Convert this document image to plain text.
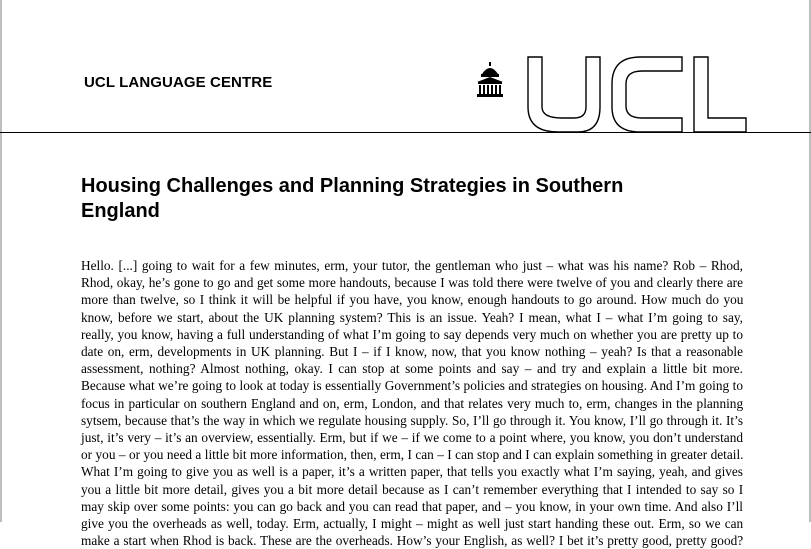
UCL LANGUAGE CENTRE
Housing Challenges and Planning Strategies in Southern
England
Hello. [...] going to wait for a few minutes, erm, your tutor, the gentleman who just – what was his name? Rob – Rhod,
Rhod, okay, he’s gone to go and get some more handouts, because I was told there were twelve of you and clearly there are
more than twelve, so I think it will be helpful if you have, you know, enough handouts to go around. How much do you
know, before we start, about the UK planning system? This is an issue. Yeah? I mean, what I – what I’m going to say,
really, you know, having a full understanding of what I’m going to say depends very much on whether you are pretty up to
date on, erm, developments in UK planning. But I – if I know, now, that you know nothing – yeah? Is that a reasonable
assessment, nothing? Almost nothing, okay. I can stop at some points and say – and try and explain a little bit more.
Because what we’re going to look at today is essentially Government’s policies and strategies on housing. And I’m going to
focus in particular on southern England and on, erm, London, and that relates very much to, erm, changes in the planning
sytsem, because that’s the way in which we regulate housing supply. So, I’ll go through it. You know, I’ll go through it. It’s
just, it’s very – it’s an overview, essentially. Erm, but if we – if we come to a point where, you know, you don’t understand
or you – or you need a little bit more information, then, erm, I can – I can stop and I can explain something in greater detail.
What I’m going to give you as well is a paper, it’s a written paper, that tells you exactly what I’m saying, yeah, and gives
you a little bit more detail, gives you a bit more detail because as I can’t remember everything that I intended to say so I
may skip over some points: you can go back and you can read that paper, and – you know, in your own time. And also I’ll
give you the overheads as well, today. Erm, actually, I might – might as well just start handing these out. Erm, so we can
make a start when Rhod is back. These are the overheads. How’s your English, as well? I bet it’s pretty good, pretty good?
